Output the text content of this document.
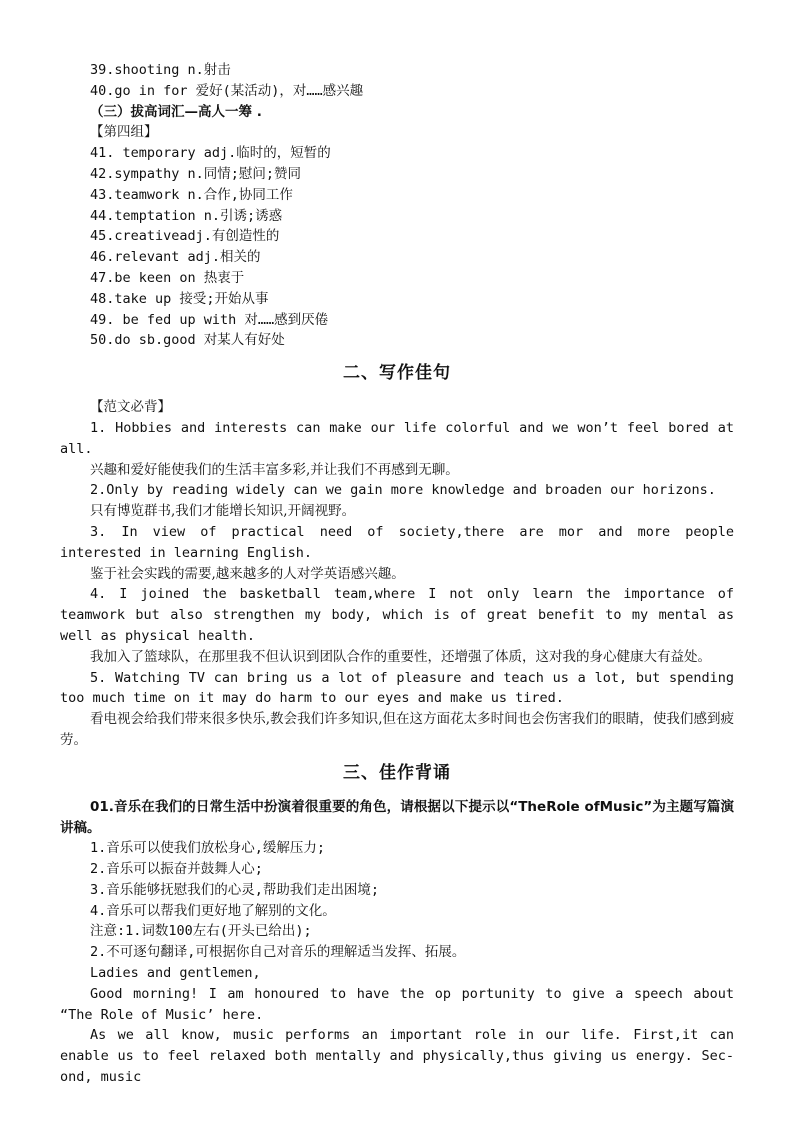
39.shooting n.射击
40.go in for 爱好(某活动)，对……感兴趣
（三）拔高词汇—高人一筹 .
【第四组】
41. temporary adj.临时的，短暂的
42.sympathy n.同情;慰问;赞同
43.teamwork n.合作,协同工作
44.temptation n.引诱;诱惑
45.creativeadj.有创造性的
46.relevant adj.相关的
47.be keen on 热衷于
48.take up 接受;开始从事
49. be fed up with 对……感到厌倦
50.do sb.good 对某人有好处
二、写作佳句
【范文必背】
1. Hobbies and interests can make our life colorful and we won’t feel bored at all.
兴趣和爱好能使我们的生活丰富多彩,并让我们不再感到无聊。
2.Only by reading widely can we gain more knowledge and broaden our horizons.
只有博览群书,我们才能增长知识,开阔视野。
3. In view of practical need of society,there are mor and more people interested in learning English.
鉴于社会实践的需要,越来越多的人对学英语感兴趣。
4. I joined the basketball team,where I not only learn the importance of teamwork but also strengthen my body, which is of great benefit to my mental as well as physical health.
我加入了篮球队，在那里我不但认识到团队合作的重要性，还增强了体质，这对我的身心健康大有益处。
5. Watching TV can bring us a lot of pleasure and teach us a lot, but spending too much time on it may do harm to our eyes and make us tired.
看电视会给我们带来很多快乐,教会我们许多知识,但在这方面花太多时间也会伤害我们的眼睛，使我们感到疲劳。
三、佳作背诵
01.音乐在我们的日常生活中扮演着很重要的角色，请根据以下提示以“TheRole ofMusic”为主题写篇演讲稿。
1.音乐可以使我们放松身心,缓解压力;
2.音乐可以振奋并鼓舞人心;
3.音乐能够抚慰我们的心灵,帮助我们走出困境;
4.音乐可以帮我们更好地了解别的文化。
注意:1.词数100左右(开头已给出);
2.不可逐句翻译,可根据你自己对音乐的理解适当发挥、拓展。
Ladies and gentlemen,
Good morning! I am honoured to have the op portunity to give a speech about “The Role of Music’ here.
As we all know, music performs an important role in our life. First,it can enable us to feel relaxed both mentally and physically,thus giving us energy. Sec- ond, music
